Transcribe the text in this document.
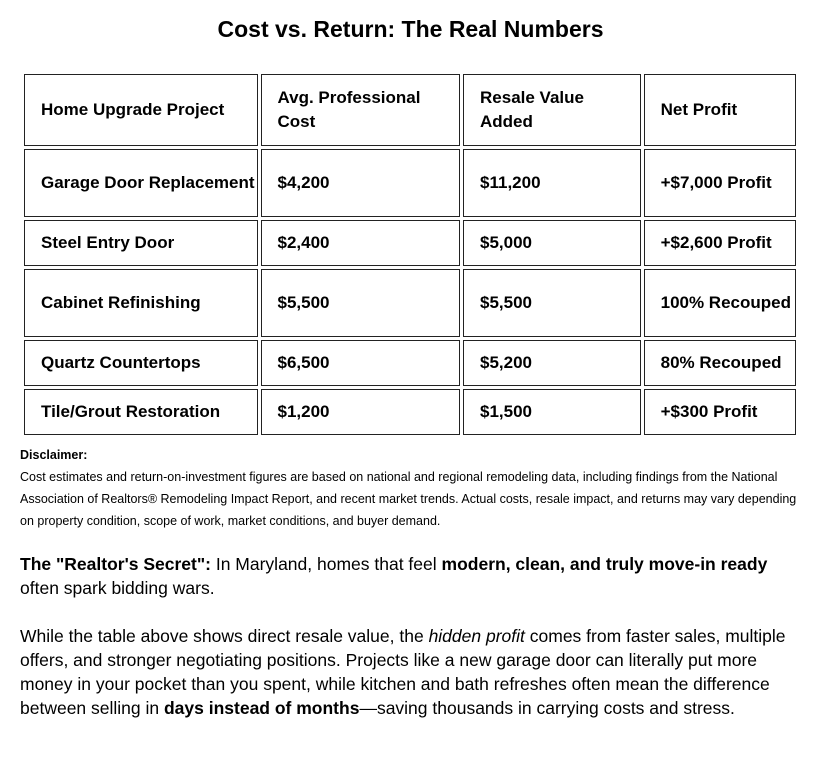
Cost vs. Return: The Real Numbers
Home Upgrade Project	Avg. Professional Cost	Resale Value Added	Net Profit
Garage Door Replacement	$4,200	$11,200	+$7,000 Profit
Steel Entry Door	$2,400	$5,000	+$2,600 Profit
Cabinet Refinishing	$5,500	$5,500	100% Recouped
Quartz Countertops	$6,500	$5,200	80% Recouped
Tile/Grout Restoration	$1,200	$1,500	+$300 Profit
Disclaimer:
Cost estimates and return-on-investment figures are based on national and regional remodeling data, including findings from the National Association of Realtors® Remodeling Impact Report, and recent market trends. Actual costs, resale impact, and returns may vary depending on property condition, scope of work, market conditions, and buyer demand.

The "Realtor's Secret": In Maryland, homes that feel modern, clean, and truly move-in ready often spark bidding wars.

While the table above shows direct resale value, the hidden profit comes from faster sales, multiple offers, and stronger negotiating positions. Projects like a new garage door can literally put more money in your pocket than you spent, while kitchen and bath refreshes often mean the difference between selling in days instead of months—saving thousands in carrying costs and stress.
